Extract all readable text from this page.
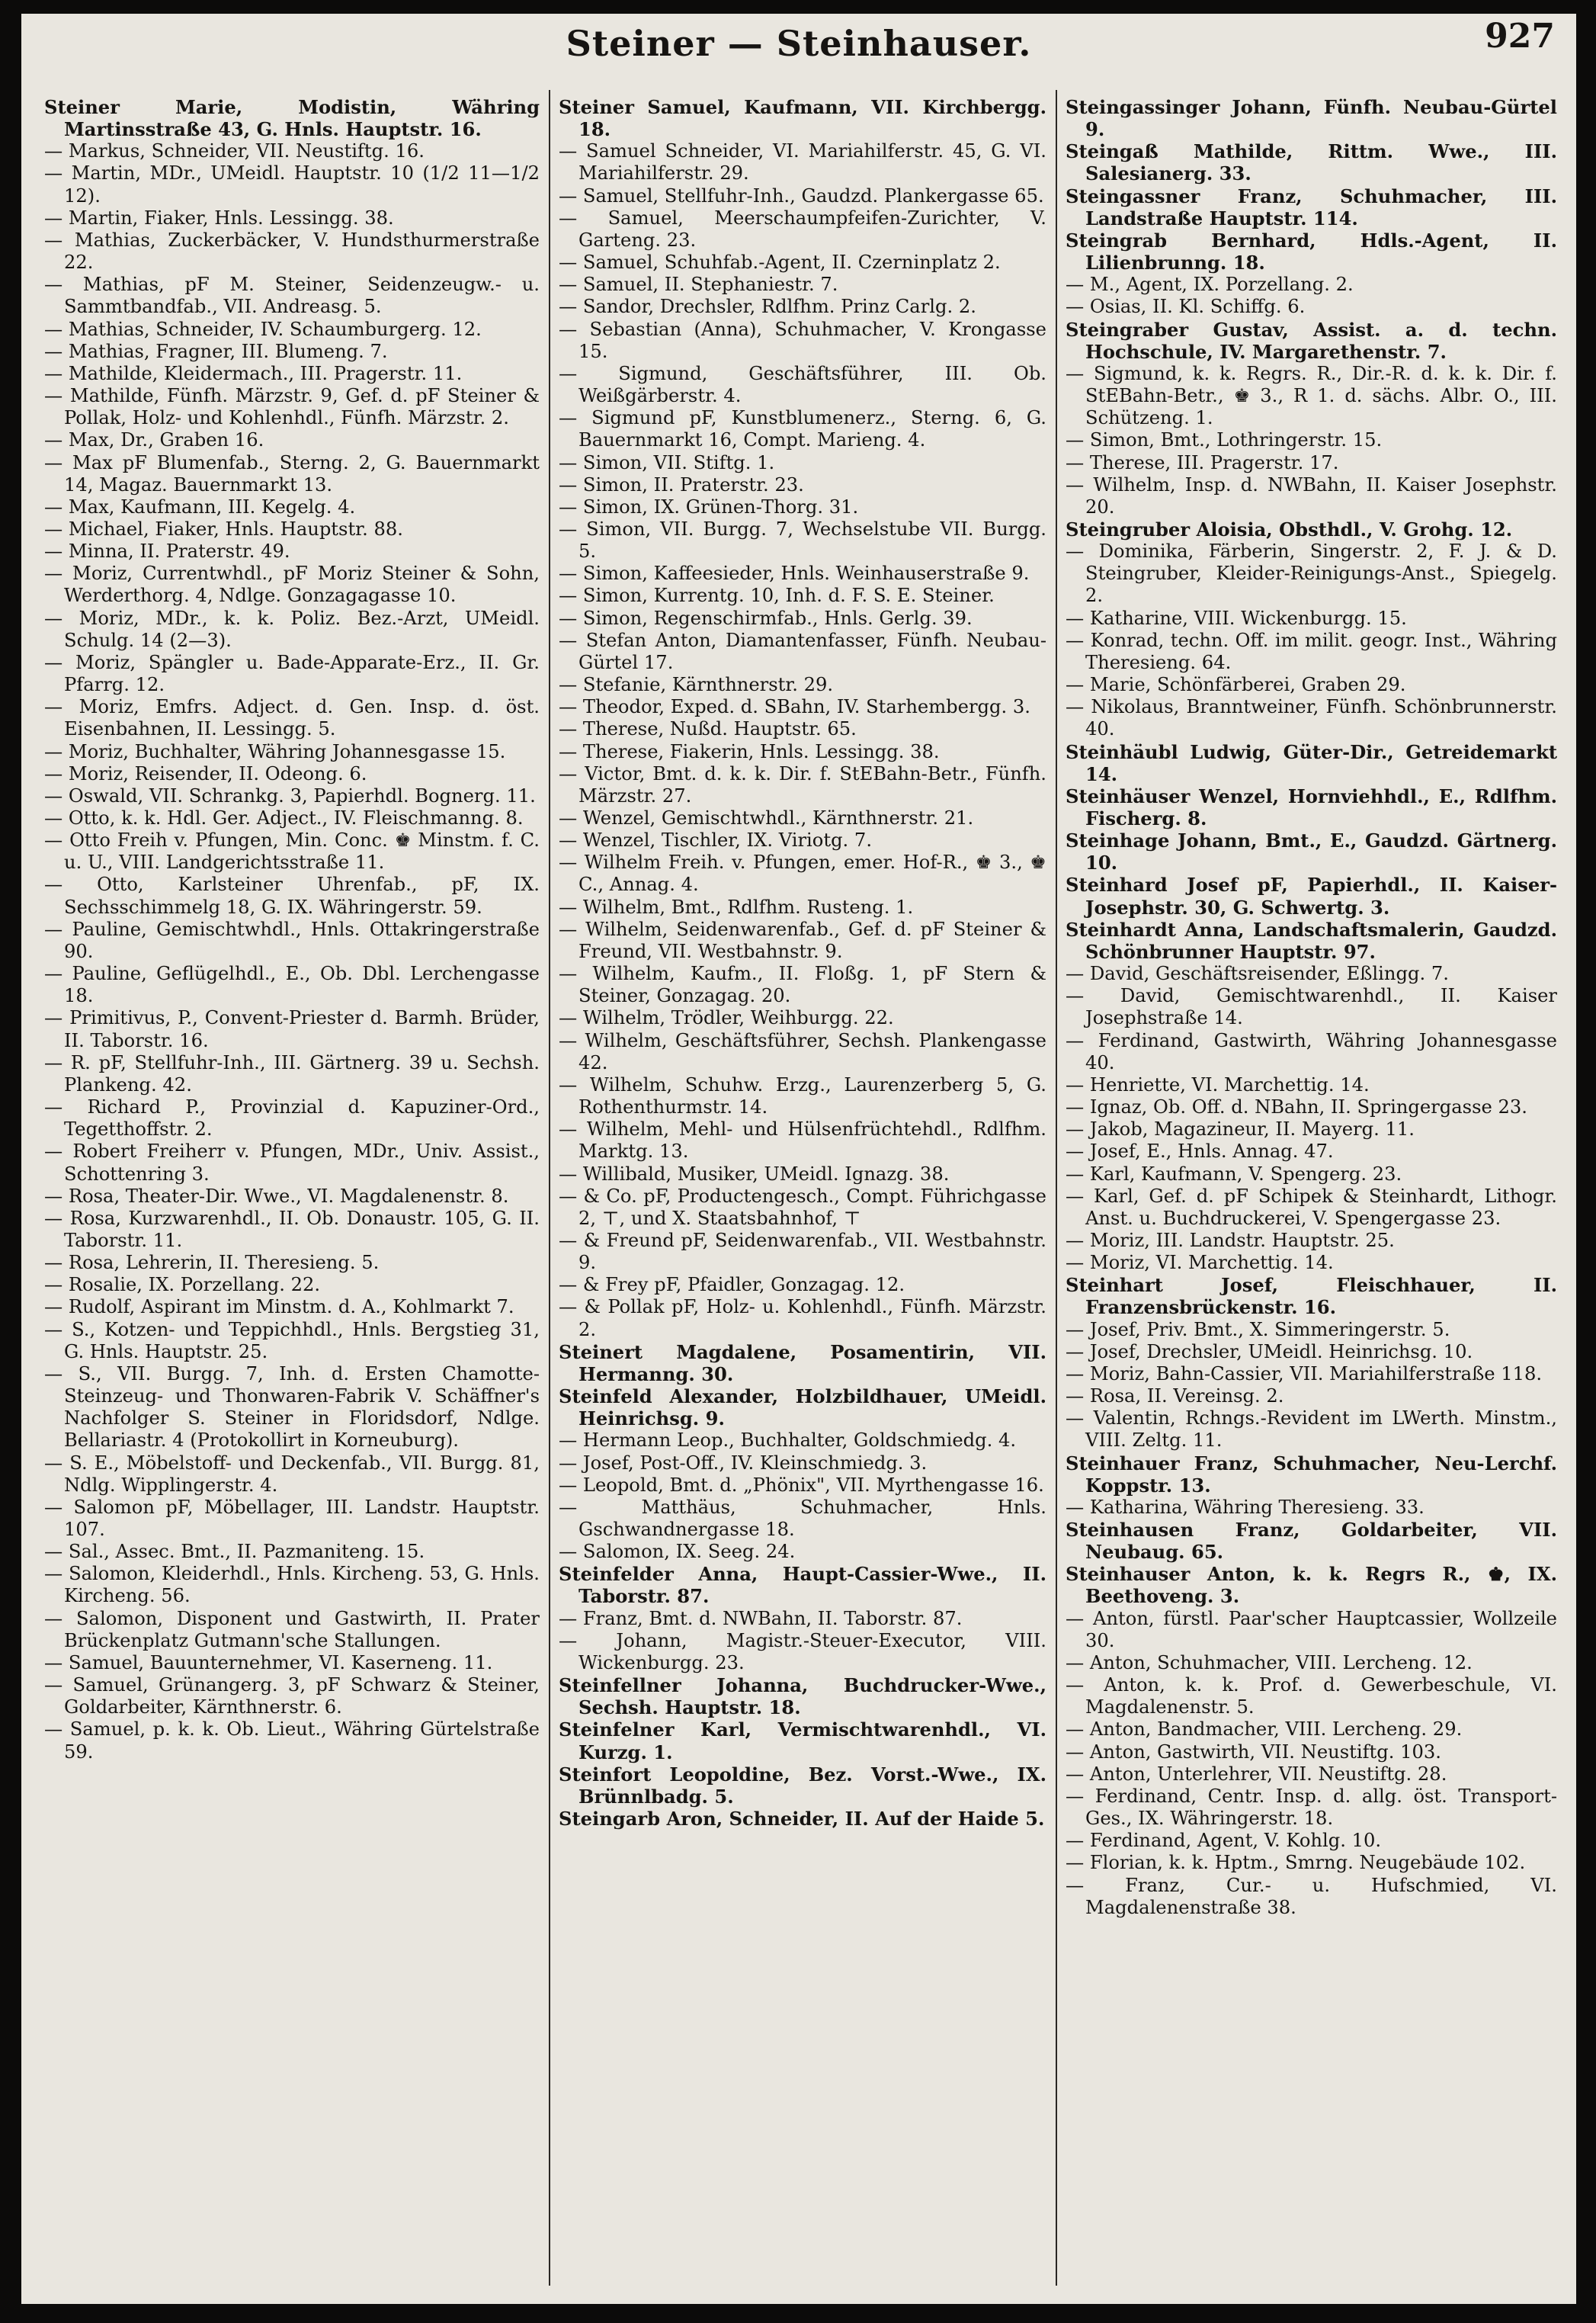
Steiner — Steinhauser.	927

Steiner Marie, Modistin, Währing Martinsstraße 43, G. Hnls. Hauptstr. 16.

— Markus, Schneider, VII. Neustiftg. 16.

— Martin, MDr., UMeidl. Hauptstr. 10 (1/2 11—1/2 12).

— Martin, Fiaker, Hnls. Lessingg. 38.

— Mathias, Zuckerbäcker, V. Hundsthurmerstraße 22.

— Mathias, pF M. Steiner, Seidenzeugw.- u. Sammtbandfab., VII. Andreasg. 5.

— Mathias, Schneider, IV. Schaumburgerg. 12.

— Mathias, Fragner, III. Blumeng. 7.

— Mathilde, Kleidermach., III. Pragerstr. 11.

— Mathilde, Fünfh. Märzstr. 9, Gef. d. pF Steiner & Pollak, Holz- und Kohlenhdl., Fünfh. Märzstr. 2.

— Max, Dr., Graben 16.

— Max pF Blumenfab., Sterng. 2, G. Bauernmarkt 14, Magaz. Bauernmarkt 13.

— Max, Kaufmann, III. Kegelg. 4.

— Michael, Fiaker, Hnls. Hauptstr. 88.

— Minna, II. Praterstr. 49.

— Moriz, Currentwhdl., pF Moriz Steiner & Sohn, Werderthorg. 4, Ndlge. Gonzagagasse 10.

— Moriz, MDr., k. k. Poliz. Bez.-Arzt, UMeidl. Schulg. 14 (2—3).

— Moriz, Spängler u. Bade-Apparate-Erz., II. Gr. Pfarrg. 12.

— Moriz, Emfrs. Adject. d. Gen. Insp. d. öst. Eisenbahnen, II. Lessingg. 5.

— Moriz, Buchhalter, Währing Johannesgasse 15.

— Moriz, Reisender, II. Odeong. 6.

— Oswald, VII. Schrankg. 3, Papierhdl. Bognerg. 11.

— Otto, k. k. Hdl. Ger. Adject., IV. Fleischmanng. 8.

— Otto Freih v. Pfungen, Min. Conc. ♚ Minstm. f. C. u. U., VIII. Landgerichtsstraße 11.

— Otto, Karlsteiner Uhrenfab., pF, IX. Sechsschimmelg 18, G. IX. Währingerstr. 59.

— Pauline, Gemischtwhdl., Hnls. Ottakringerstraße 90.

— Pauline, Geflügelhdl., E., Ob. Dbl. Lerchengasse 18.

— Primitivus, P., Convent-Priester d. Barmh. Brüder, II. Taborstr. 16.

— R. pF, Stellfuhr-Inh., III. Gärtnerg. 39 u. Sechsh. Plankeng. 42.

— Richard P., Provinzial d. Kapuziner-Ord., Tegetthoffstr. 2.

— Robert Freiherr v. Pfungen, MDr., Univ. Assist., Schottenring 3.

— Rosa, Theater-Dir. Wwe., VI. Magdalenenstr. 8.

— Rosa, Kurzwarenhdl., II. Ob. Donaustr. 105, G. II. Taborstr. 11.

— Rosa, Lehrerin, II. Theresieng. 5.

— Rosalie, IX. Porzellang. 22.

— Rudolf, Aspirant im Minstm. d. A., Kohlmarkt 7.

— S., Kotzen- und Teppichhdl., Hnls. Bergstieg 31, G. Hnls. Hauptstr. 25.

— S., VII. Burgg. 7, Inh. d. Ersten Chamotte-Steinzeug- und Thonwaren-Fabrik V. Schäffner's Nachfolger S. Steiner in Floridsdorf, Ndlge. Bellariastr. 4 (Protokollirt in Korneuburg).

— S. E., Möbelstoff- und Deckenfab., VII. Burgg. 81, Ndlg. Wipplingerstr. 4.

— Salomon pF, Möbellager, III. Landstr. Hauptstr. 107.

— Sal., Assec. Bmt., II. Pazmaniteng. 15.

— Salomon, Kleiderhdl., Hnls. Kircheng. 53, G. Hnls. Kircheng. 56.

— Salomon, Disponent und Gastwirth, II. Prater Brückenplatz Gutmann'sche Stallungen.

— Samuel, Bauunternehmer, VI. Kaserneng. 11.

— Samuel, Grünangerg. 3, pF Schwarz & Steiner, Goldarbeiter, Kärnthnerstr. 6.

— Samuel, p. k. k. Ob. Lieut., Währing Gürtelstraße 59.

Steiner Samuel, Kaufmann, VII. Kirchbergg. 18.

— Samuel Schneider, VI. Mariahilferstr. 45, G. VI. Mariahilferstr. 29.

— Samuel, Stellfuhr-Inh., Gaudzd. Plankergasse 65.

— Samuel, Meerschaumpfeifen-Zurichter, V. Garteng. 23.

— Samuel, Schuhfab.-Agent, II. Czerninplatz 2.

— Samuel, II. Stephaniestr. 7.

— Sandor, Drechsler, Rdlfhm. Prinz Carlg. 2.

— Sebastian (Anna), Schuhmacher, V. Krongasse 15.

— Sigmund, Geschäftsführer, III. Ob. Weißgärberstr. 4.

— Sigmund pF, Kunstblumenerz., Sterng. 6, G. Bauernmarkt 16, Compt. Marieng. 4.

— Simon, VII. Stiftg. 1.

— Simon, II. Praterstr. 23.

— Simon, IX. Grünen-Thorg. 31.

— Simon, VII. Burgg. 7, Wechselstube VII. Burgg. 5.

— Simon, Kaffeesieder, Hnls. Weinhauserstraße 9.

— Simon, Kurrentg. 10, Inh. d. F. S. E. Steiner.

— Simon, Regenschirmfab., Hnls. Gerlg. 39.

— Stefan Anton, Diamantenfasser, Fünfh. Neubau-Gürtel 17.

— Stefanie, Kärnthnerstr. 29.

— Theodor, Exped. d. SBahn, IV. Starhembergg. 3.

— Therese, Nußd. Hauptstr. 65.

— Therese, Fiakerin, Hnls. Lessingg. 38.

— Victor, Bmt. d. k. k. Dir. f. StEBahn-Betr., Fünfh. Märzstr. 27.

— Wenzel, Gemischtwhdl., Kärnthnerstr. 21.

— Wenzel, Tischler, IX. Viriotg. 7.

— Wilhelm Freih. v. Pfungen, emer. Hof-R., ♚ 3., ♚ C., Annag. 4.

— Wilhelm, Bmt., Rdlfhm. Rusteng. 1.

— Wilhelm, Seidenwarenfab., Gef. d. pF Steiner & Freund, VII. Westbahnstr. 9.

— Wilhelm, Kaufm., II. Floßg. 1, pF Stern & Steiner, Gonzagag. 20.

— Wilhelm, Trödler, Weihburgg. 22.

— Wilhelm, Geschäftsführer, Sechsh. Plankengasse 42.

— Wilhelm, Schuhw. Erzg., Laurenzerberg 5, G. Rothenthurmstr. 14.

— Wilhelm, Mehl- und Hülsenfrüchtehdl., Rdlfhm. Marktg. 13.

— Willibald, Musiker, UMeidl. Ignazg. 38.

— & Co. pF, Productengesch., Compt. Führichgasse 2, ⊤, und X. Staatsbahnhof, ⊤

— & Freund pF, Seidenwarenfab., VII. Westbahnstr. 9.

— & Frey pF, Pfaidler, Gonzagag. 12.

— & Pollak pF, Holz- u. Kohlenhdl., Fünfh. Märzstr. 2.

Steinert Magdalene, Posamentirin, VII. Hermanng. 30.

Steinfeld Alexander, Holzbildhauer, UMeidl. Heinrichsg. 9.

— Hermann Leop., Buchhalter, Goldschmiedg. 4.

— Josef, Post-Off., IV. Kleinschmiedg. 3.

— Leopold, Bmt. d. „Phönix", VII. Myrthengasse 16.

— Matthäus, Schuhmacher, Hnls. Gschwandnergasse 18.

— Salomon, IX. Seeg. 24.

Steinfelder Anna, Haupt-Cassier-Wwe., II. Taborstr. 87.

— Franz, Bmt. d. NWBahn, II. Taborstr. 87.

— Johann, Magistr.-Steuer-Executor, VIII. Wickenburgg. 23.

Steinfellner Johanna, Buchdrucker-Wwe., Sechsh. Hauptstr. 18.

Steinfelner Karl, Vermischtwarenhdl., VI. Kurzg. 1.

Steinfort Leopoldine, Bez. Vorst.-Wwe., IX. Brünnlbadg. 5.

Steingarb Aron, Schneider, II. Auf der Haide 5.

Steingassinger Johann, Fünfh. Neubau-Gürtel 9.

Steingaß Mathilde, Rittm. Wwe., III. Salesianerg. 33.

Steingassner Franz, Schuhmacher, III. Landstraße Hauptstr. 114.

Steingrab Bernhard, Hdls.-Agent, II. Lilienbrunng. 18.

— M., Agent, IX. Porzellang. 2.

— Osias, II. Kl. Schiffg. 6.

Steingraber Gustav, Assist. a. d. techn. Hochschule, IV. Margarethenstr. 7.

— Sigmund, k. k. Regrs. R., Dir.-R. d. k. k. Dir. f. StEBahn-Betr., ♚ 3., R 1. d. sächs. Albr. O., III. Schützeng. 1.

— Simon, Bmt., Lothringerstr. 15.

— Therese, III. Pragerstr. 17.

— Wilhelm, Insp. d. NWBahn, II. Kaiser Josephstr. 20.

Steingruber Aloisia, Obsthdl., V. Grohg. 12.

— Dominika, Färberin, Singerstr. 2, F. J. & D. Steingruber, Kleider-Reinigungs-Anst., Spiegelg. 2.

— Katharine, VIII. Wickenburgg. 15.

— Konrad, techn. Off. im milit. geogr. Inst., Währing Theresieng. 64.

— Marie, Schönfärberei, Graben 29.

— Nikolaus, Branntweiner, Fünfh. Schönbrunnerstr. 40.

Steinhäubl Ludwig, Güter-Dir., Getreidemarkt 14.

Steinhäuser Wenzel, Hornviehhdl., E., Rdlfhm. Fischerg. 8.

Steinhage Johann, Bmt., E., Gaudzd. Gärtnerg. 10.

Steinhard Josef pF, Papierhdl., II. Kaiser-Josephstr. 30, G. Schwertg. 3.

Steinhardt Anna, Landschaftsmalerin, Gaudzd. Schönbrunner Hauptstr. 97.

— David, Geschäftsreisender, Eßlingg. 7.

— David, Gemischtwarenhdl., II. Kaiser Josephstraße 14.

— Ferdinand, Gastwirth, Währing Johannesgasse 40.

— Henriette, VI. Marchettig. 14.

— Ignaz, Ob. Off. d. NBahn, II. Springergasse 23.

— Jakob, Magazineur, II. Mayerg. 11.

— Josef, E., Hnls. Annag. 47.

— Karl, Kaufmann, V. Spengerg. 23.

— Karl, Gef. d. pF Schipek & Steinhardt, Lithogr. Anst. u. Buchdruckerei, V. Spengergasse 23.

— Moriz, III. Landstr. Hauptstr. 25.

— Moriz, VI. Marchettig. 14.

Steinhart Josef, Fleischhauer, II. Franzensbrückenstr. 16.

— Josef, Priv. Bmt., X. Simmeringerstr. 5.

— Josef, Drechsler, UMeidl. Heinrichsg. 10.

— Moriz, Bahn-Cassier, VII. Mariahilferstraße 118.

— Rosa, II. Vereinsg. 2.

— Valentin, Rchngs.-Revident im LWerth. Minstm., VIII. Zeltg. 11.

Steinhauer Franz, Schuhmacher, Neu-Lerchf. Koppstr. 13.

— Katharina, Währing Theresieng. 33.

Steinhausen Franz, Goldarbeiter, VII. Neubaug. 65.

Steinhauser Anton, k. k. Regrs R., ♚, IX. Beethoveng. 3.

— Anton, fürstl. Paar'scher Hauptcassier, Wollzeile 30.

— Anton, Schuhmacher, VIII. Lercheng. 12.

— Anton, k. k. Prof. d. Gewerbeschule, VI. Magdalenenstr. 5.

— Anton, Bandmacher, VIII. Lercheng. 29.

— Anton, Gastwirth, VII. Neustiftg. 103.

— Anton, Unterlehrer, VII. Neustiftg. 28.

— Ferdinand, Centr. Insp. d. allg. öst. Transport-Ges., IX. Währingerstr. 18.

— Ferdinand, Agent, V. Kohlg. 10.

— Florian, k. k. Hptm., Smrng. Neugebäude 102.

— Franz, Cur.- u. Hufschmied, VI. Magdalenenstraße 38.
